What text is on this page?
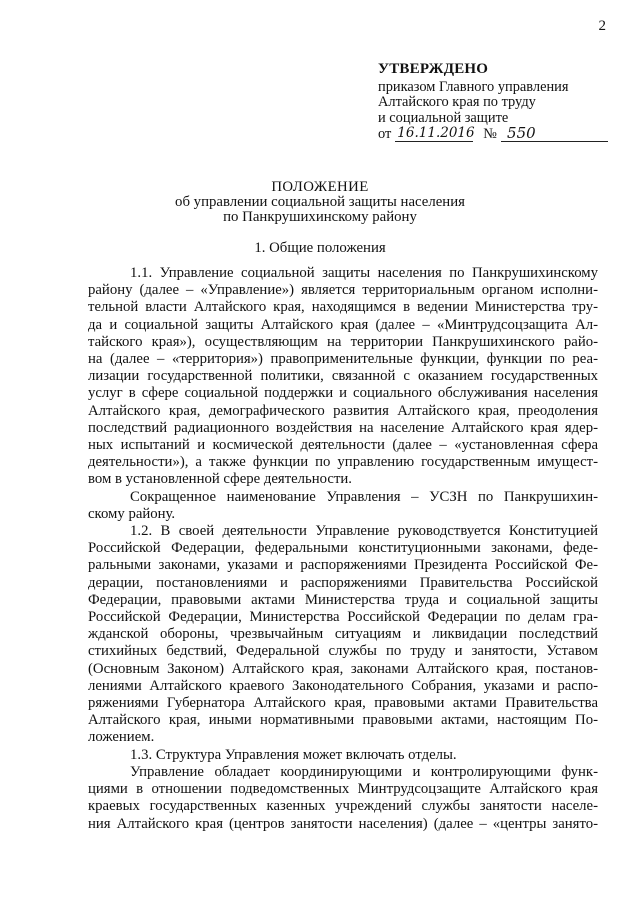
2
УТВЕРЖДЕНО
приказом Главного управления
Алтайского края по труду
и социальной защите
от 16.11.2016 № 550
ПОЛОЖЕНИЕ
об управлении социальной защиты населения
по Панкрушихинскому району
1. Общие положения

1.1. Управление социальной защиты населения по Панкрушихинскому

району (далее – «Управление») является территориальным органом исполни-

тельной власти Алтайского края, находящимся в ведении Министерства тру-

да и социальной защиты Алтайского края (далее – «Минтрудсоцзащита Ал-

тайского края»), осуществляющим на территории Панкрушихинского райо-

на (далее – «территория») правоприменительные функции, функции по реа-

лизации государственной политики, связанной с оказанием государственных

услуг в сфере социальной поддержки и социального обслуживания населения

Алтайского края, демографического развития Алтайского края, преодоления

последствий радиационного воздействия на население Алтайского края ядер-

ных испытаний и космической деятельности (далее – «установленная сфера

деятельности»), а также функции по управлению государственным имущест-

вом в установленной сфере деятельности.

Сокращенное наименование Управления – УСЗН по Панкрушихин-

скому району.

1.2. В своей деятельности Управление руководствуется Конституцией

Российской Федерации, федеральными конституционными законами, феде-

ральными законами, указами и распоряжениями Президента Российской Фе-

дерации, постановлениями и распоряжениями Правительства Российской

Федерации, правовыми актами Министерства труда и социальной защиты

Российской Федерации, Министерства Российской Федерации по делам гра-

жданской обороны, чрезвычайным ситуациям и ликвидации последствий

стихийных бедствий, Федеральной службы по труду и занятости, Уставом

(Основным Законом) Алтайского края, законами Алтайского края, постанов-

лениями Алтайского краевого Законодательного Собрания, указами и распо-

ряжениями Губернатора Алтайского края, правовыми актами Правительства

Алтайского края, иными нормативными правовыми актами, настоящим По-

ложением.

1.3. Структура Управления может включать отделы.

Управление обладает координирующими и контролирующими функ-

циями в отношении подведомственных Минтрудсоцзащите Алтайского края

краевых государственных казенных учреждений службы занятости населе-

ния Алтайского края (центров занятости населения) (далее – «центры занято-
